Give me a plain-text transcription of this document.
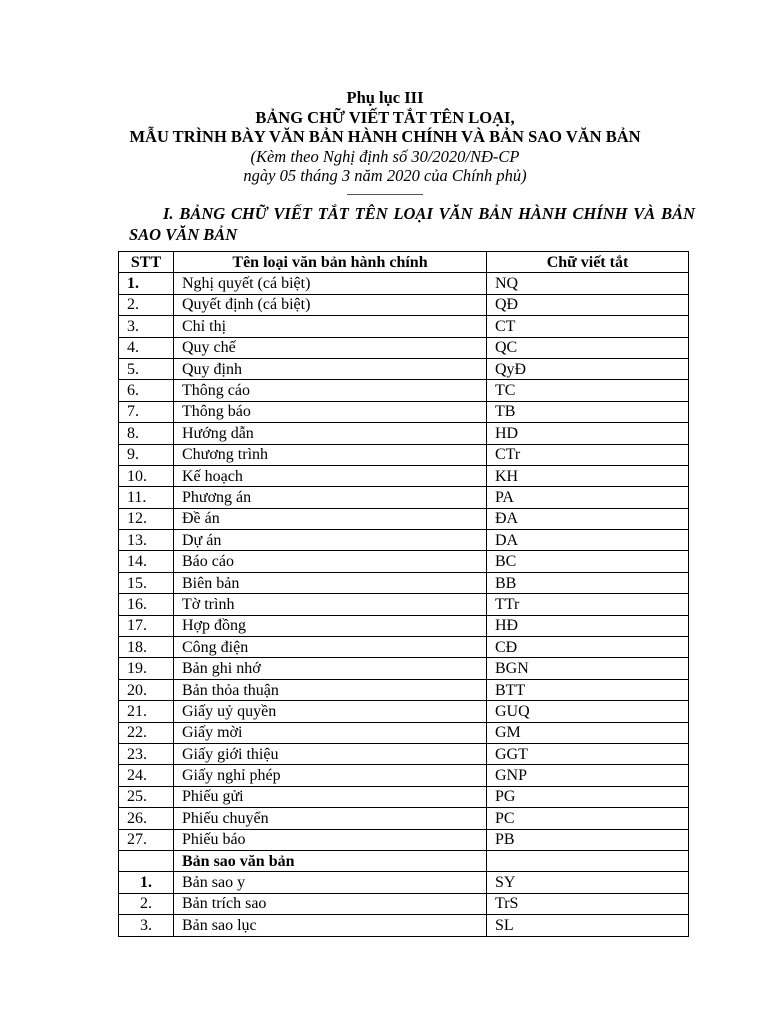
Phụ lục III
BẢNG CHỮ VIẾT TẮT TÊN LOẠI,
MẪU TRÌNH BÀY VĂN BẢN HÀNH CHÍNH VÀ BẢN SAO VĂN BẢN
(Kèm theo Nghị định số 30/2020/NĐ-CP
ngày 05 tháng 3 năm 2020 của Chính phủ)
I. BẢNG CHỮ VIẾT TẮT TÊN LOẠI VĂN BẢN HÀNH CHÍNH VÀ BẢN SAO VĂN BẢN
STT	Tên loại văn bản hành chính	Chữ viết tắt
1.	Nghị quyết (cá biệt)	NQ
2.	Quyết định (cá biệt)	QĐ
3.	Chỉ thị	CT
4.	Quy chế	QC
5.	Quy định	QyĐ
6.	Thông cáo	TC
7.	Thông báo	TB
8.	Hướng dẫn	HD
9.	Chương trình	CTr
10.	Kế hoạch	KH
11.	Phương án	PA
12.	Đề án	ĐA
13.	Dự án	DA
14.	Báo cáo	BC
15.	Biên bản	BB
16.	Tờ trình	TTr
17.	Hợp đồng	HĐ
18.	Công điện	CĐ
19.	Bản ghi nhớ	BGN
20.	Bản thỏa thuận	BTT
21.	Giấy uỷ quyền	GUQ
22.	Giấy mời	GM
23.	Giấy giới thiệu	GGT
24.	Giấy nghỉ phép	GNP
25.	Phiếu gửi	PG
26.	Phiếu chuyển	PC
27.	Phiếu báo	PB
	Bản sao văn bản	
1.	Bản sao y	SY
2.	Bản trích sao	TrS
3.	Bản sao lục	SL
